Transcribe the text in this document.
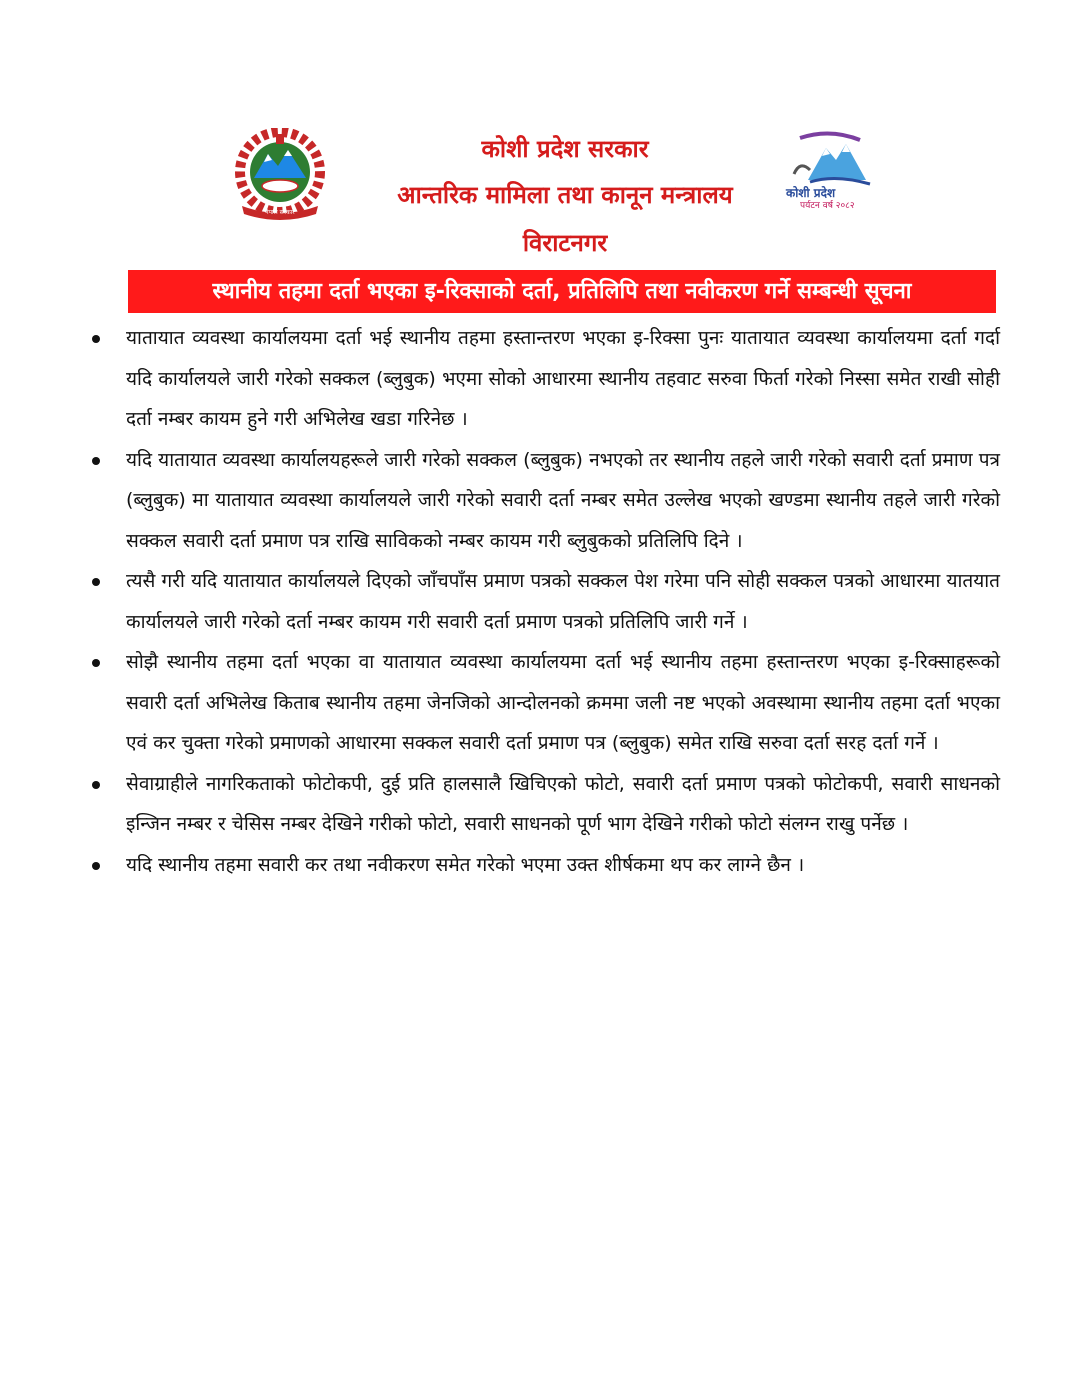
नेपाल सरकार
कोशी प्रदेश
पर्यटन वर्ष २०८२
कोशी प्रदेश सरकार
आन्तरिक मामिला तथा कानून मन्त्रालय
विराटनगर
स्थानीय तहमा दर्ता भएका इ-रिक्साको दर्ता, प्रतिलिपि तथा नवीकरण गर्ने सम्बन्धी सूचना
यातायात व्यवस्था कार्यालयमा दर्ता भई स्थानीय तहमा हस्तान्तरण भएका इ-रिक्सा पुनः यातायात व्यवस्था कार्यालयमा दर्ता गर्दा यदि कार्यालयले जारी गरेको सक्कल (ब्लुबुक) भएमा सोको आधारमा स्थानीय तहवाट सरुवा फिर्ता गरेको निस्सा समेत राखी सोही दर्ता नम्बर कायम हुने गरी अभिलेख खडा गरिनेछ ।
यदि यातायात व्यवस्था कार्यालयहरूले जारी गरेको सक्कल (ब्लुबुक) नभएको तर स्थानीय तहले जारी गरेको सवारी दर्ता प्रमाण पत्र (ब्लुबुक) मा यातायात व्यवस्था कार्यालयले जारी गरेको सवारी दर्ता नम्बर समेत उल्लेख भएको खण्डमा स्थानीय तहले जारी गरेको सक्कल सवारी दर्ता प्रमाण पत्र राखि साविकको नम्बर कायम गरी ब्लुबुकको प्रतिलिपि दिने ।
त्यसै गरी यदि यातायात कार्यालयले दिएको जाँचपाँस प्रमाण पत्रको सक्कल पेश गरेमा पनि सोही सक्कल पत्रको आधारमा यातयात कार्यालयले जारी गरेको दर्ता नम्बर कायम गरी सवारी दर्ता प्रमाण पत्रको प्रतिलिपि जारी गर्ने ।
सोझै स्थानीय तहमा दर्ता भएका वा यातायात व्यवस्था कार्यालयमा दर्ता भई स्थानीय तहमा हस्तान्तरण भएका इ-रिक्साहरूको सवारी दर्ता अभिलेख किताब स्थानीय तहमा जेनजिको आन्दोलनको क्रममा जली नष्ट भएको अवस्थामा स्थानीय तहमा दर्ता भएका एवं कर चुक्ता गरेको प्रमाणको आधारमा सक्कल सवारी दर्ता प्रमाण पत्र (ब्लुबुक) समेत राखि सरुवा दर्ता सरह दर्ता गर्ने ।
सेवाग्राहीले नागरिकताको फोटोकपी, दुई प्रति हालसालै खिचिएको फोटो, सवारी दर्ता प्रमाण पत्रको फोटोकपी, सवारी साधनको इन्जिन नम्बर र चेसिस नम्बर देखिने गरीको फोटो, सवारी साधनको पूर्ण भाग देखिने गरीको फोटो संलग्न राखु पर्नेछ ।
यदि स्थानीय तहमा सवारी कर तथा नवीकरण समेत गरेको भएमा उक्त शीर्षकमा थप कर लाग्ने छैन ।
